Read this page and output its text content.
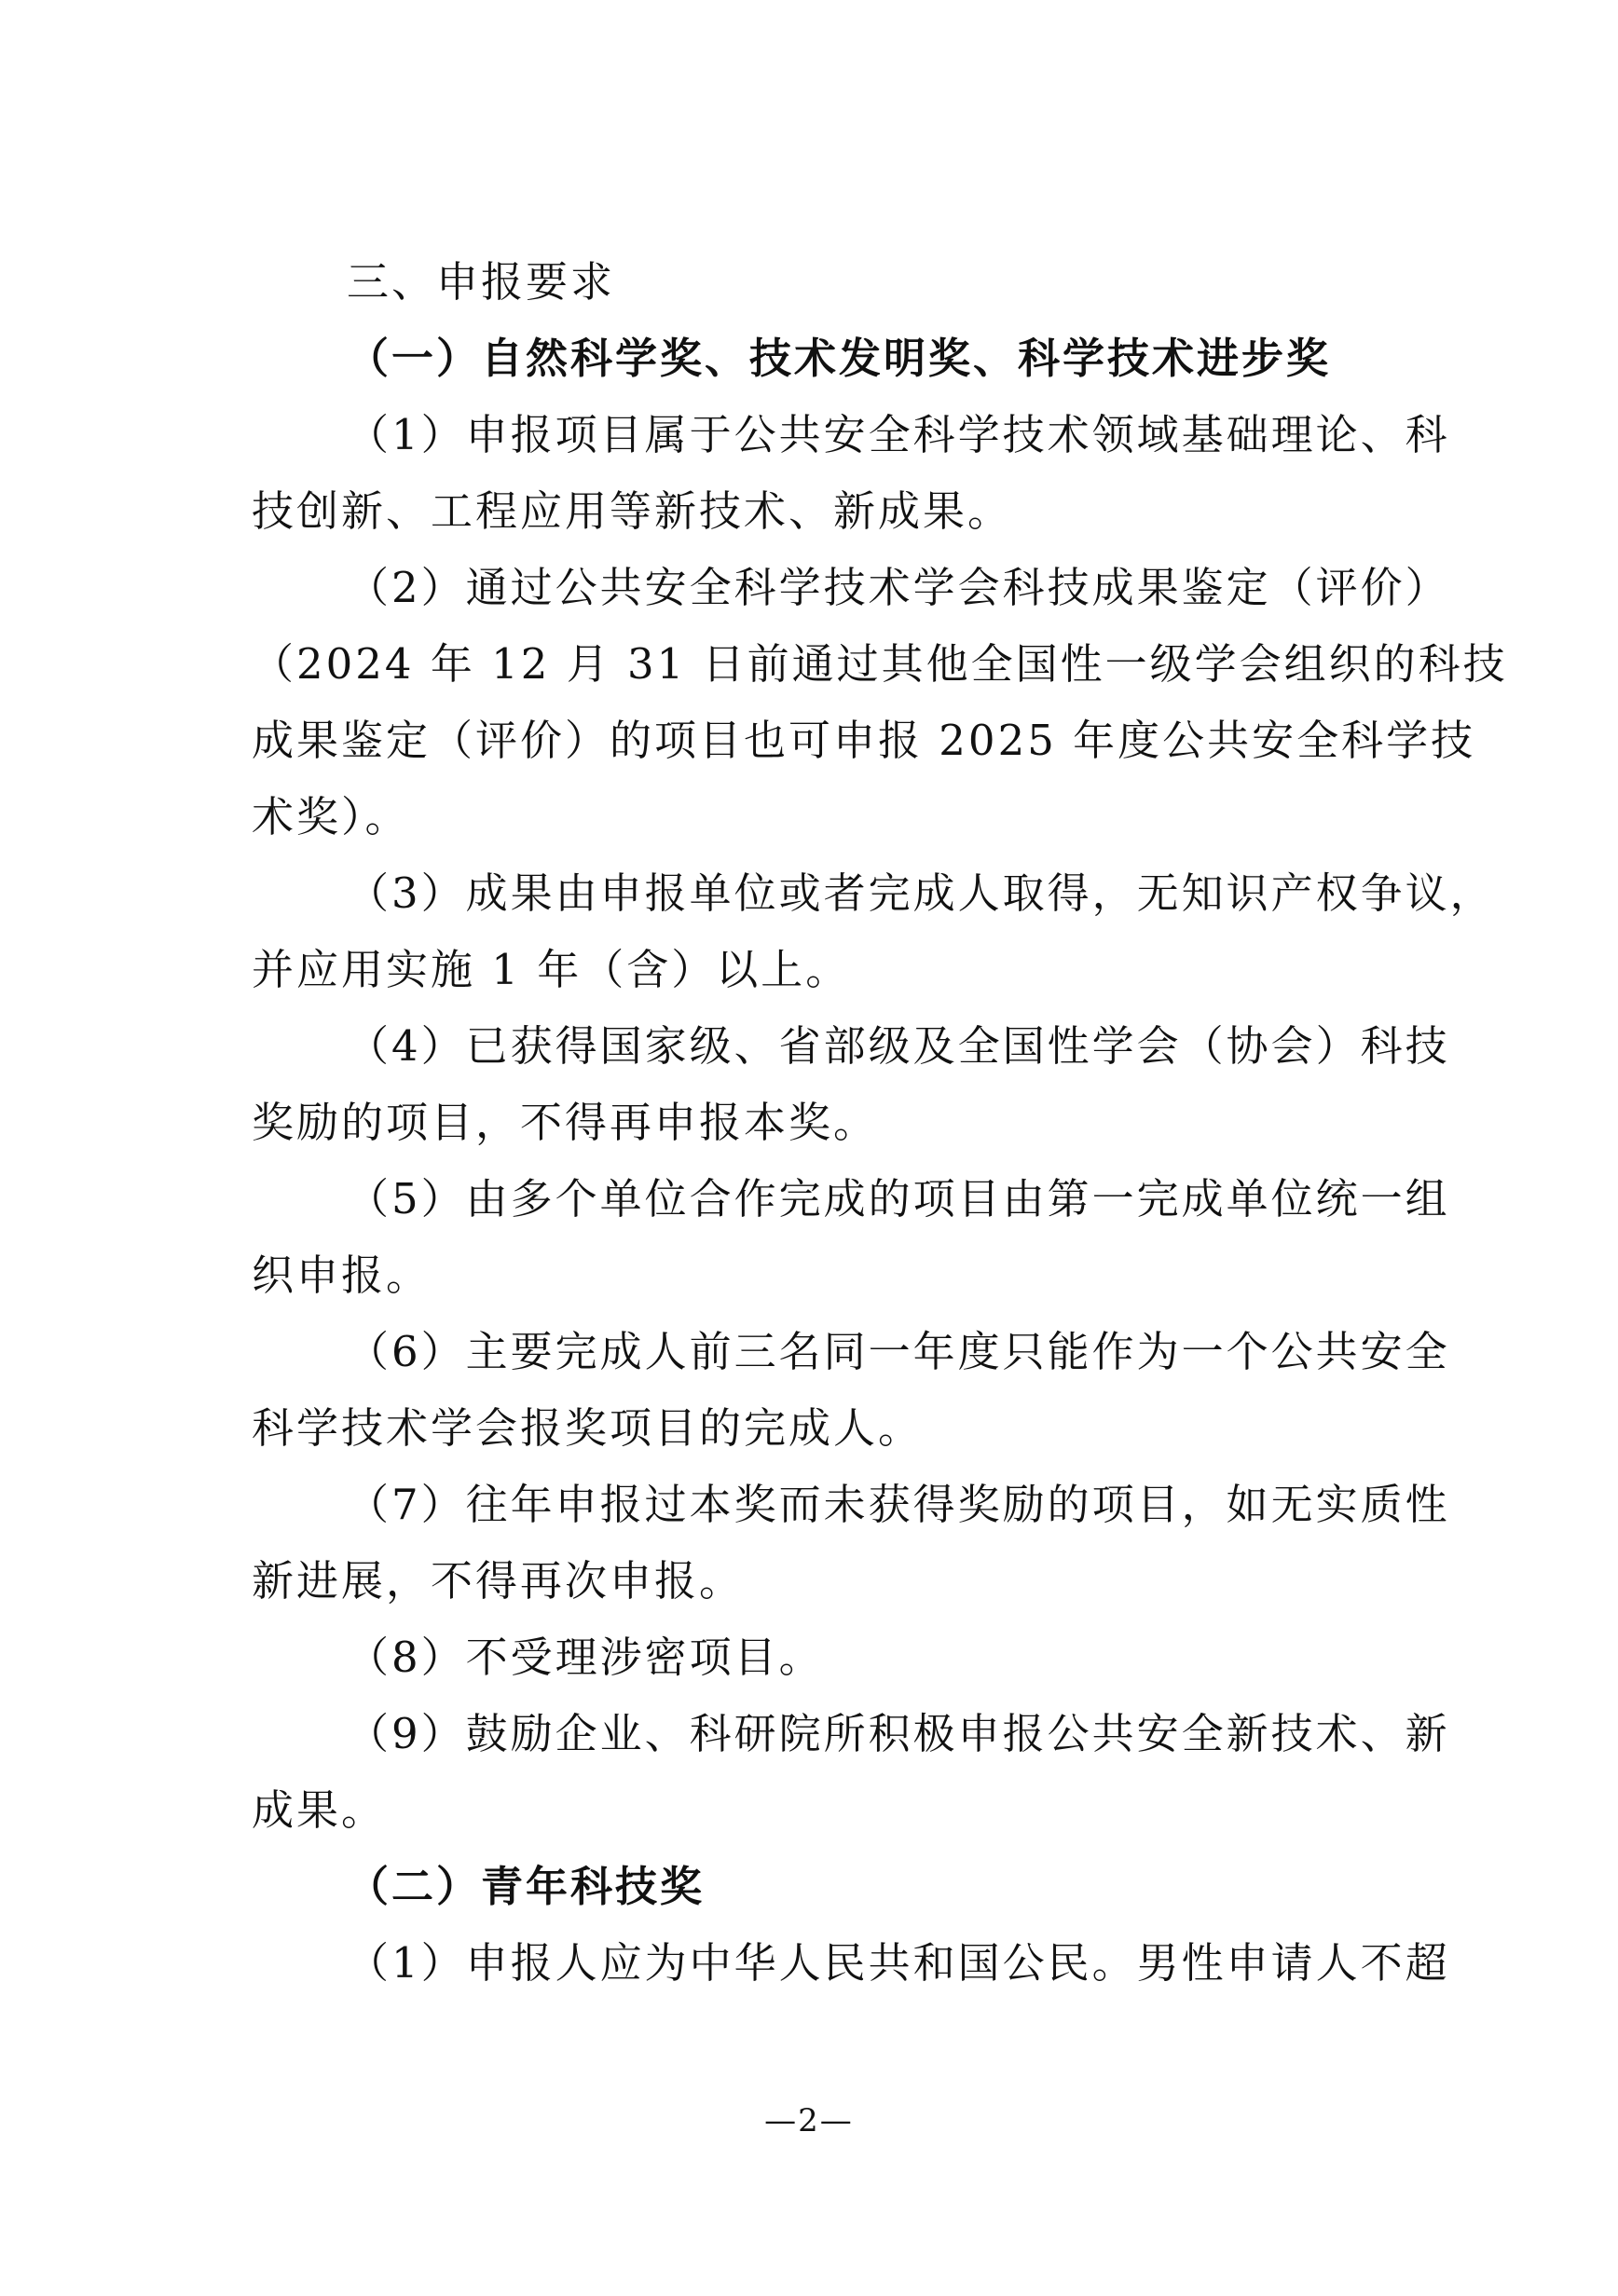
三、申报要求
（一）自然科学奖、技术发明奖、科学技术进步奖
（1）申报项目属于公共安全科学技术领域基础理论、科
技创新、工程应用等新技术、新成果。
（2）通过公共安全科学技术学会科技成果鉴定（评价）
（2024 年 12 月 31 日前通过其他全国性一级学会组织的科技
成果鉴定（评价）的项目也可申报 2025 年度公共安全科学技
术奖）。
（3）成果由申报单位或者完成人取得，无知识产权争议，
并应用实施 1 年（含）以上。
（4）已获得国家级、省部级及全国性学会（协会）科技
奖励的项目，不得再申报本奖。
（5）由多个单位合作完成的项目由第一完成单位统一组
织申报。
（6）主要完成人前三名同一年度只能作为一个公共安全
科学技术学会报奖项目的完成人。
（7）往年申报过本奖而未获得奖励的项目，如无实质性
新进展，不得再次申报。
（8）不受理涉密项目。
（9）鼓励企业、科研院所积极申报公共安全新技术、新
成果。
（二）青年科技奖
（1）申报人应为中华人民共和国公民。男性申请人不超
—2—
